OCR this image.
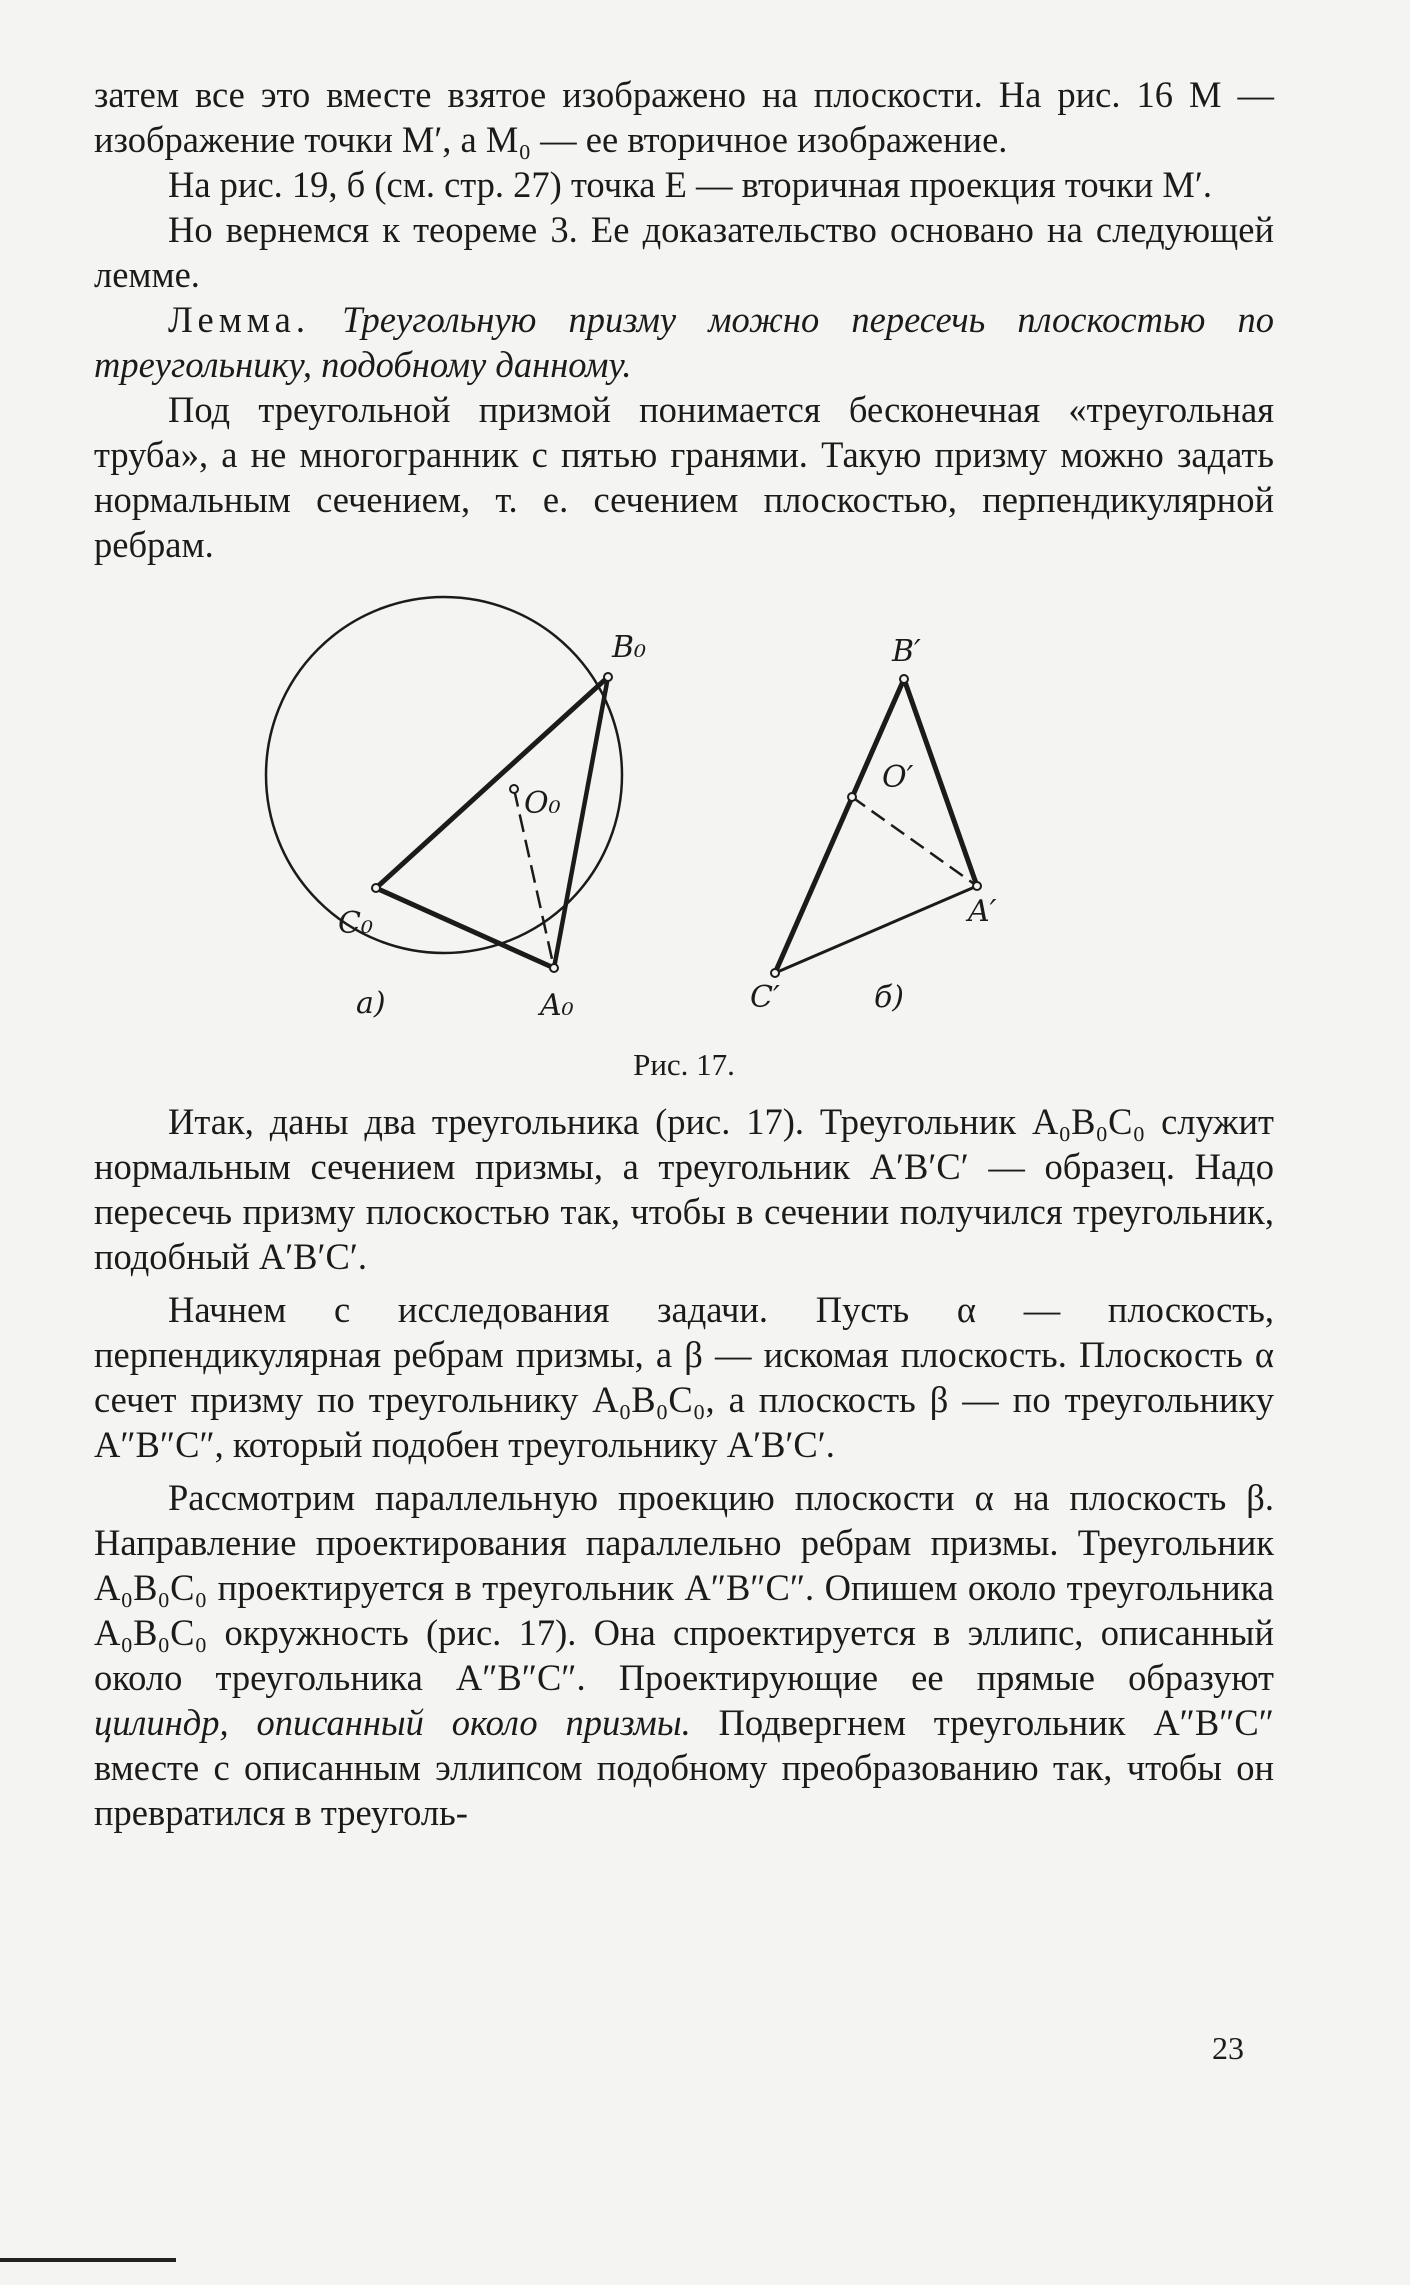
затем все это вместе взятое изображено на плоскости. На рис. 16 M — изображение точки M′, а M₀ — ее вторичное изображение.

На рис. 19, б (см. стр. 27) точка E — вторичная проекция точки M′.

Но вернемся к теореме 3. Ее доказательство основано на следующей лемме.

Лемма. Треугольную призму можно пересечь плоскостью по треугольнику, подобному данному.

Под треугольной призмой понимается бесконечная «треугольная труба», а не многогранник с пятью гранями. Такую призму можно задать нормальным сечением, т. е. сечением плоскостью, перпендикулярной ребрам.

B₀
O₀
C₀
A₀
а)
B′
O′
A′
C′	б)
Рис. 17.

Итак, даны два треугольника (рис. 17). Треугольник A₀B₀C₀ служит нормальным сечением призмы, а треугольник A′B′C′ — образец. Надо пересечь призму плоскостью так, чтобы в сечении получился треугольник, подобный A′B′C′.

Начнем с исследования задачи. Пусть α — плоскость, перпендикулярная ребрам призмы, а β — искомая плоскость. Плоскость α сечет призму по треугольнику A₀B₀C₀, а плоскость β — по треугольнику A″B″C″, который подобен треугольнику A′B′C′.

Рассмотрим параллельную проекцию плоскости α на плоскость β. Направление проектирования параллельно ребрам призмы. Треугольник A₀B₀C₀ проектируется в треугольник A″B″C″. Опишем около треугольника A₀B₀C₀ окружность (рис. 17). Она спроектируется в эллипс, описанный около треугольника A″B″C″. Проектирующие ее прямые образуют цилиндр, описанный около призмы. Подвергнем треугольник A″B″C″ вместе с описанным эллипсом подобному преобразованию так, чтобы он превратился в треуголь-

23
